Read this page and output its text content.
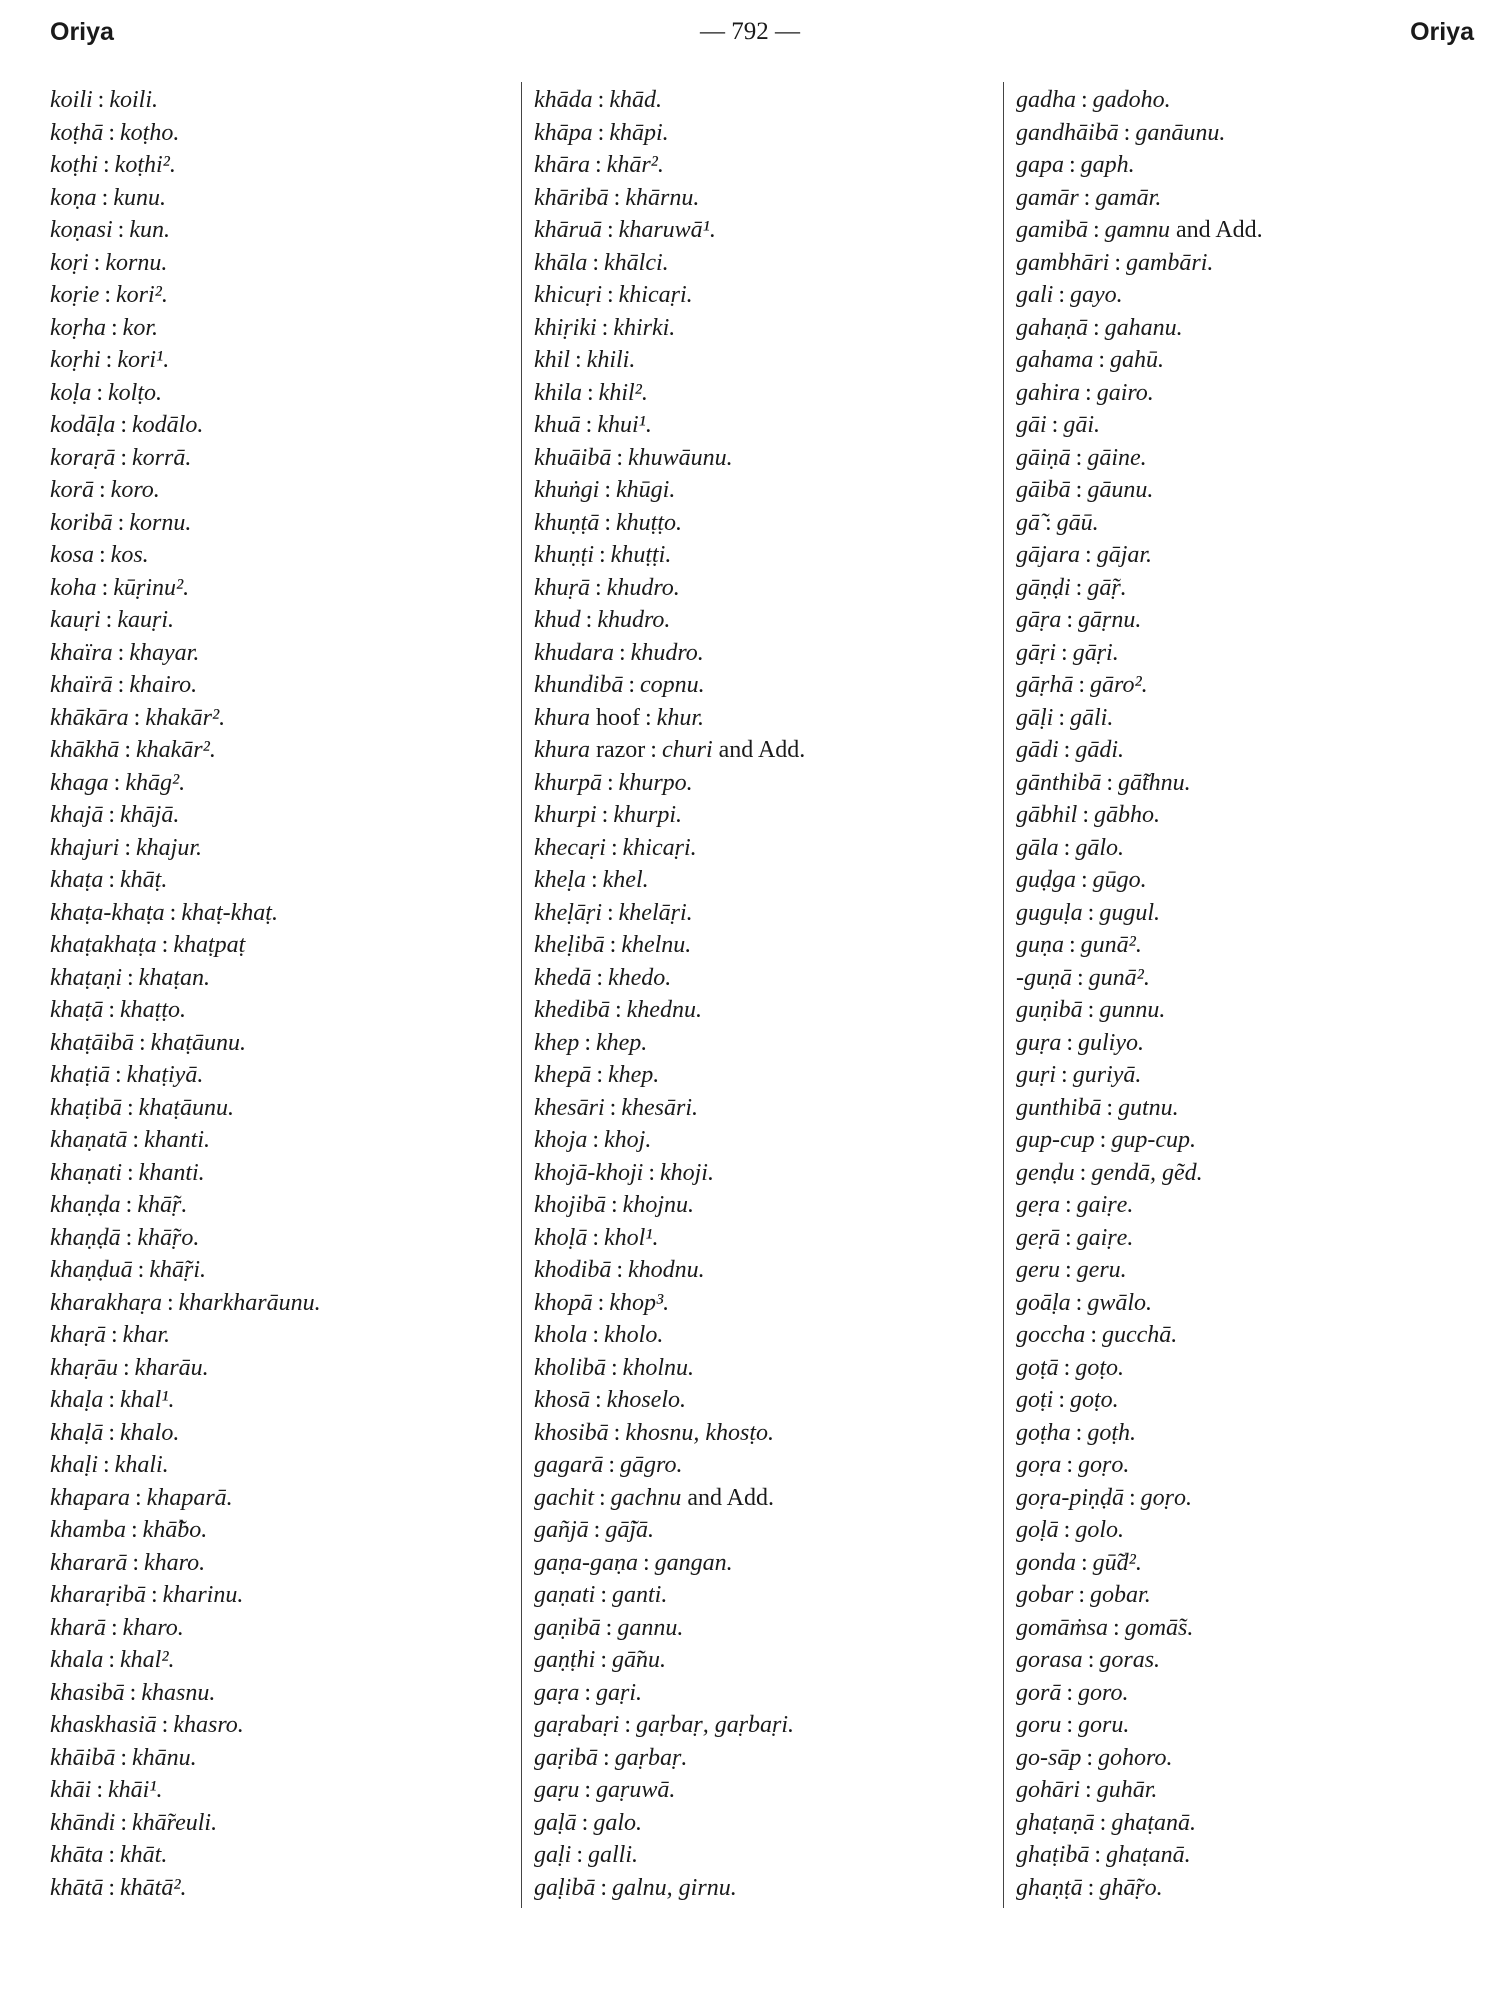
Oriya	— 792 —	Oriya
koili : koili.
koṭhā : koṭho.
koṭhi : koṭhi².
koṇa : kunu.
koṇasi : kun.
koṛi : kornu.
koṛie : kori².
koṛha : kor.
koṛhi : kori¹.
koḷa : kolṭo.
kodāḷa : kodālo.
koraṛā : korrā.
korā : koro.
koribā : kornu.
kosa : kos.
koha : kūṛinu².
kauṛi : kauṛi.
khaïra : khayar.
khaïrā : khairo.
khākāra : khakār².
khākhā : khakār².
khaga : khāg².
khajā : khājā.
khajuri : khajur.
khaṭa : khāṭ.
khaṭa-khaṭa : khaṭ-khaṭ.
khaṭakhaṭa : khaṭpaṭ
khaṭaṇi : khaṭan.
khaṭā : khaṭṭo.
khaṭāibā : khaṭāunu.
khaṭiā : khaṭiyā.
khaṭibā : khaṭāunu.
khaṇatā : khanti.
khaṇati : khanti.
khaṇḍa : khā̃ṛ.
khaṇḍā : khā̃ṛo.
khaṇḍuā : khā̃ṛi.
kharakhaṛa : kharkharāunu.
khaṛā : khar.
khaṛāu : kharāu.
khaḷa : khal¹.
khaḷā : khalo.
khaḷi : khali.
khapara : khaparā.
khamba : khā̃bo.
khararā : kharo.
kharaṛibā : kharinu.
kharā : kharo.
khala : khal².
khasibā : khasnu.
khaskhasiā : khasro.
khāibā : khānu.
khāi : khāi¹.
khāndi : khā̃reuli.
khāta : khāt.
khātā : khātā².
khāda : khād.
khāpa : khāpi.
khāra : khār².
khāribā : khārnu.
khāruā : kharuwā¹.
khāla : khālci.
khicuṛi : khicaṛi.
khiṛiki : khirki.
khil : khili.
khila : khil².
khuā : khui¹.
khuāibā : khuwāunu.
khuṅgi : khūgi.
khuṇṭā : khuṭṭo.
khuṇṭi : khuṭṭi.
khuṛā : khudro.
khud : khudro.
khudara : khudro.
khundibā : copnu.
khura hoof : khur.
khura razor : churi and Add.
khurpā : khurpo.
khurpi : khurpi.
khecaṛi : khicaṛi.
kheḷa : khel.
kheḷāṛi : khelāṛi.
kheḷibā : khelnu.
khedā : khedo.
khedibā : khednu.
khep : khep.
khepā : khep.
khesāri : khesāri.
khoja : khoj.
khojā-khoji : khoji.
khojibā : khojnu.
khoḷā : khol¹.
khodibā : khodnu.
khopā : khop³.
khola : kholo.
kholibā : kholnu.
khosā : khoselo.
khosibā : khosnu, khosṭo.
gagarā : gāgro.
gachit : gachnu and Add.
gañjā : gā̃jā.
gaṇa-gaṇa : gangan.
gaṇati : ganti.
gaṇibā : gannu.
gaṇṭhi : gā̃nu.
gaṛa : gaṛi.
gaṛabaṛi : gaṛbaṛ, gaṛbaṛi.
gaṛibā : gaṛbaṛ.
gaṛu : gaṛuwā.
gaḷā : galo.
gaḷi : galli.
gaḷibā : galnu, girnu.
gadha : gadoho.
gandhāibā : ganāunu.
gapa : gaph.
gamār : gamār.
gamibā : gamnu and Add.
gambhāri : gambāri.
gali : gayo.
gahaṇā : gahanu.
gahama : gahū.
gahira : gairo.
gāi : gāi.
gāiṇā : gāine.
gāibā : gāunu.
gā̃ : gāū.
gājara : gājar.
gāṇḍi : gā̃ṛ.
gāṛa : gāṛnu.
gāṛi : gāṛi.
gāṛhā : gāro².
gāḷi : gāli.
gādi : gādi.
gānthibā : gā̃thnu.
gābhil : gābho.
gāla : gālo.
guḍga : gūgo.
guguḷa : gugul.
guṇa : gunā².
-guṇā : gunā².
guṇibā : gunnu.
guṛa : guliyo.
guṛi : guriyā.
gunthibā : gutnu.
gup-cup : gup-cup.
genḍu : gendā, gẽd.
geṛa : gaiṛe.
geṛā : gaiṛe.
geru : geru.
goāḷa : gwālo.
goccha : gucchā.
goṭā : goṭo.
goṭi : goṭo.
goṭha : goṭh.
goṛa : goṛo.
goṛa-piṇḍā : goṛo.
goḷā : golo.
gonda : gū̃d².
gobar : gobar.
gomāṁsa : gomā̃s.
gorasa : goras.
gorā : goro.
goru : goru.
go-sāp : gohoro.
gohāri : guhār.
ghaṭaṇā : ghaṭanā.
ghaṭibā : ghaṭanā.
ghaṇṭā : ghā̃ṛo.
